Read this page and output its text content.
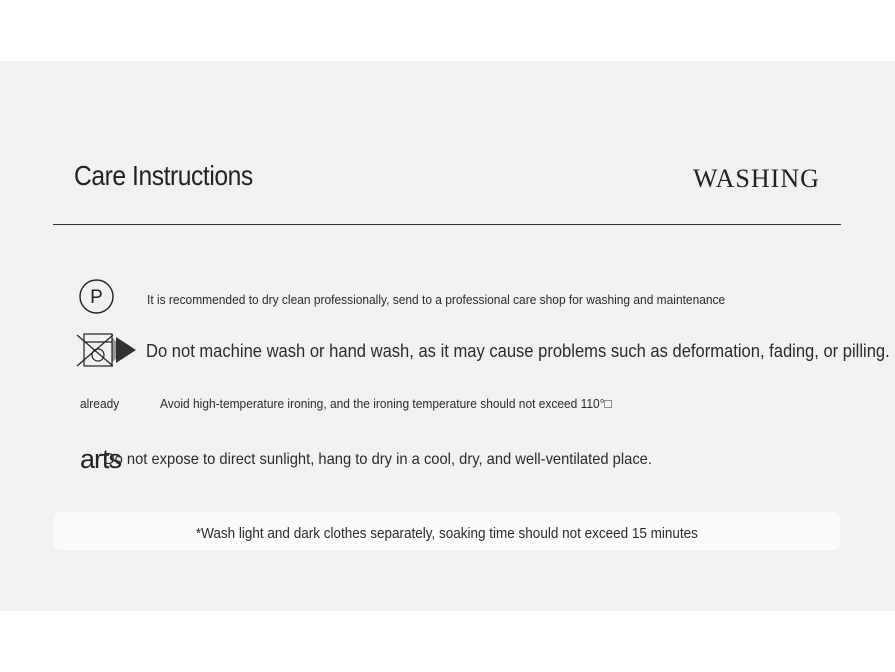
Care Instructions	WASHING
P	It is recommended to dry clean professionally, send to a professional care shop for washing and maintenance
Do not machine wash or hand wash, as it may cause problems such as deformation, fading, or pilling.
already	Avoid high-temperature ironing, and the ironing temperature should not exceed 110°□
arts
Do not expose to direct sunlight, hang to dry in a cool, dry, and well-ventilated place.
*Wash light and dark clothes separately, soaking time should not exceed 15 minutes
